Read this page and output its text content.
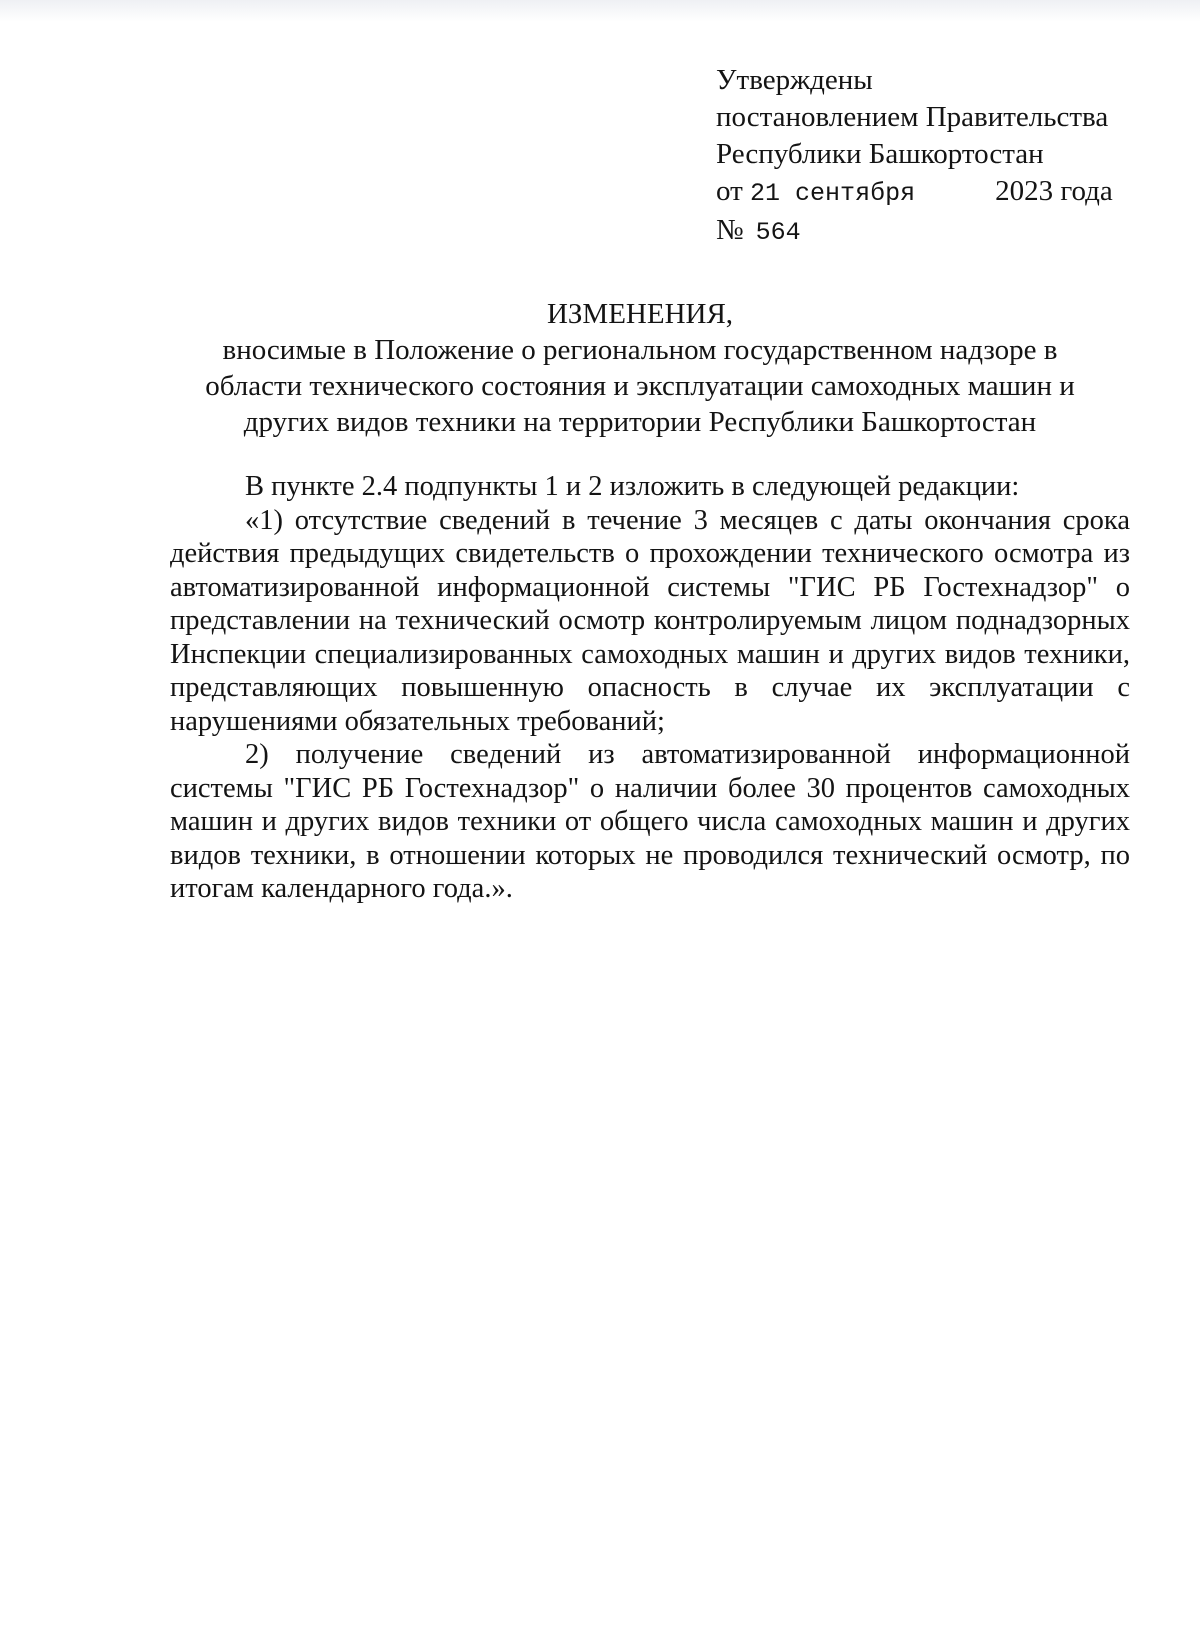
Утверждены
постановлением Правительства
Республики Башкортостан
от 21 сентября	2023 года
№ 564
ИЗМЕНЕНИЯ,
вносимые в Положение о региональном государственном надзоре в
области технического состояния и эксплуатации самоходных машин и
других видов техники на территории Республики Башкортостан

В пункте 2.4 подпункты 1 и 2 изложить в следующей редакции:

«1) отсутствие сведений в течение 3 месяцев с даты окончания срока действия предыдущих свидетельств о прохождении технического осмотра из автоматизированной информационной системы "ГИС РБ Гостехнадзор" о представлении на технический осмотр контролируемым лицом поднадзорных Инспекции специализированных самоходных машин и других видов техники, представляющих повышенную опасность в случае их эксплуатации с нарушениями обязательных требований;

2) получение сведений из автоматизированной информационной системы "ГИС РБ Гостехнадзор" о наличии более 30 процентов самоходных машин и других видов техники от общего числа самоходных машин и других видов техники, в отношении которых не проводился технический осмотр, по итогам календарного года.».
